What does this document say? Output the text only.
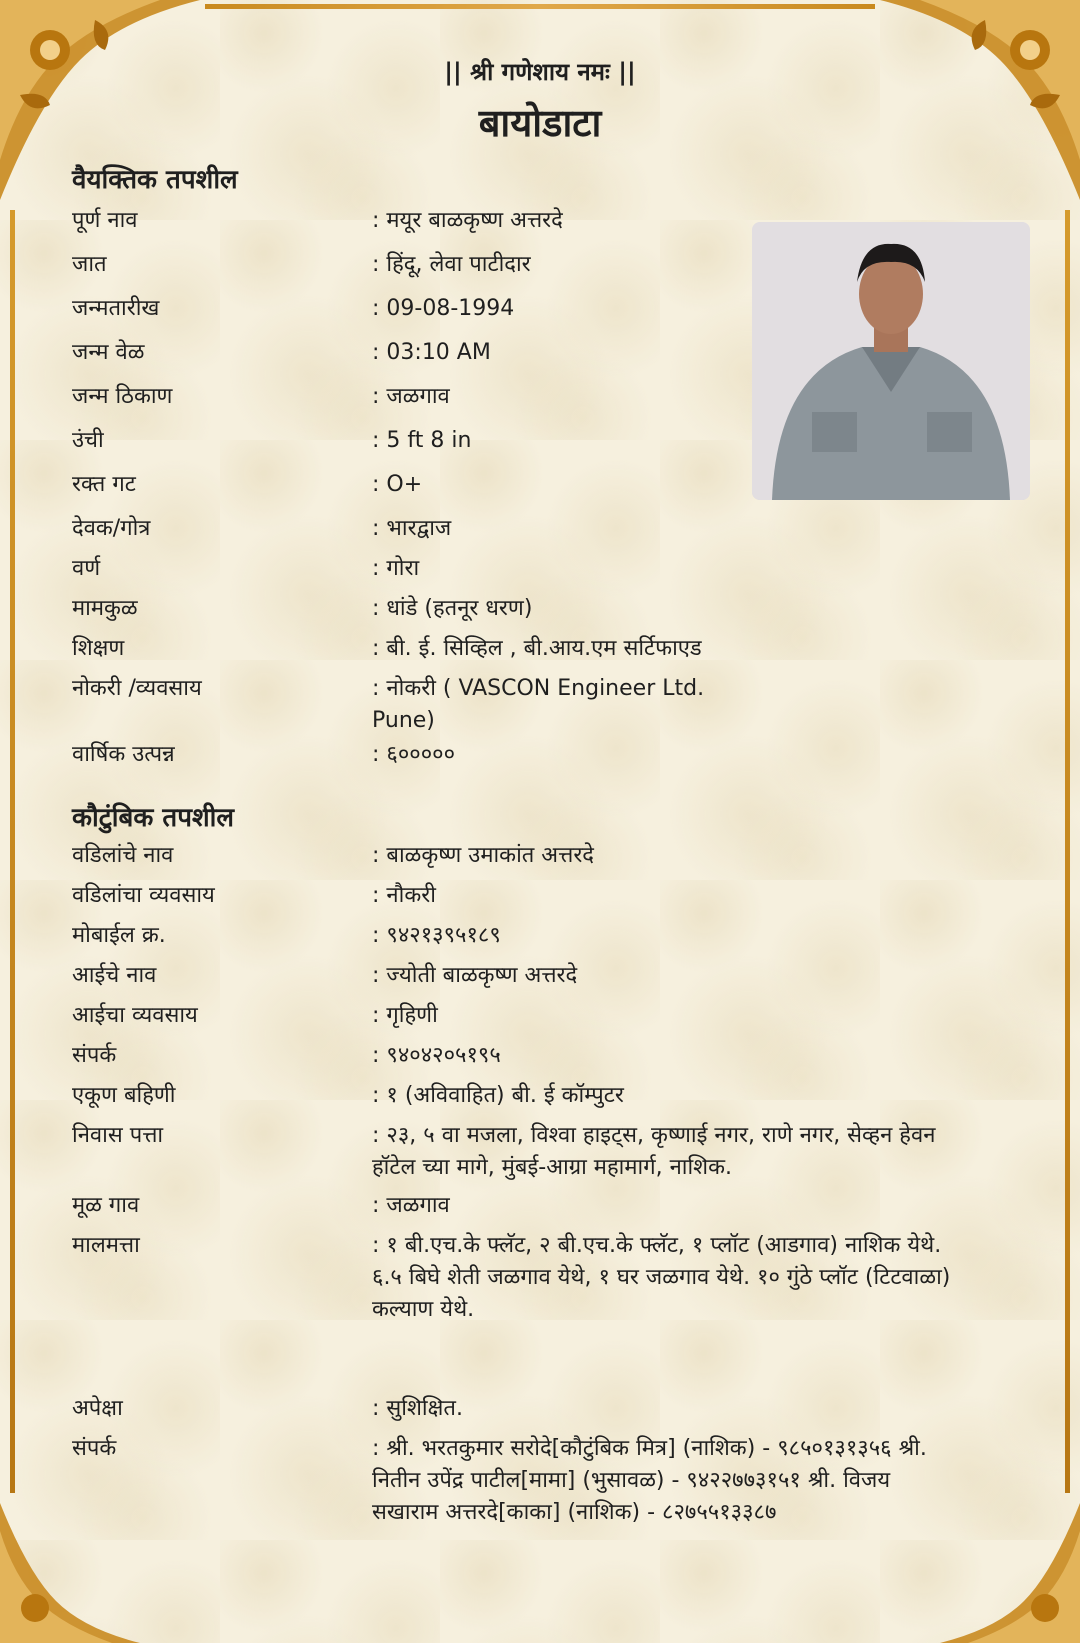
|| श्री गणेशाय नमः ||

बायोडाटा

वैयक्तिक तपशील
पूर्ण नाव	: मयूर बाळकृष्ण अत्तरदे
जात	: हिंदू, लेवा पाटीदार
जन्मतारीख	: 09-08-1994
जन्म वेळ	: 03:10 AM
जन्म ठिकाण	: जळगाव
उंची	: 5 ft 8 in
रक्त गट	: O+
देवक/गोत्र	: भारद्वाज
वर्ण	: गोरा
मामकुळ	: धांडे (हतनूर धरण)
शिक्षण	: बी. ई. सिव्हिल , बी.आय.एम सर्टिफाएड
नोकरी /व्यवसाय	: नोकरी ( VASCON Engineer Ltd. Pune)
वार्षिक उत्पन्न	: ६०००००
कौटुंबिक तपशील
वडिलांचे नाव	: बाळकृष्ण उमाकांत अत्तरदे
वडिलांचा व्यवसाय	: नौकरी
मोबाईल क्र.	: ९४२१३९५१८९
आईचे नाव	: ज्योती बाळकृष्ण अत्तरदे
आईचा व्यवसाय	: गृहिणी
संपर्क	: ९४०४२०५१९५
एकूण बहिणी	: १ (अविवाहित) बी. ई कॉम्पुटर
निवास पत्ता	: २३, ५ वा मजला, विश्वा हाइट्स, कृष्णाई नगर, राणे नगर, सेव्हन हेवन हॉटेल च्या मागे, मुंबई-आग्रा महामार्ग, नाशिक.
मूळ गाव	: जळगाव
मालमत्ता	: १ बी.एच.के फ्लॅट, २ बी.एच.के फ्लॅट, १ प्लॉट (आडगाव) नाशिक येथे. ६.५ बिघे शेती जळगाव येथे, १ घर जळगाव येथे. १० गुंठे प्लॉट (टिटवाळा) कल्याण येथे.
अपेक्षा	: सुशिक्षित.
संपर्क	: श्री. भरतकुमार सरोदे[कौटुंबिक मित्र] (नाशिक) - ९८५०१३१३५६ श्री. नितीन उपेंद्र पाटील[मामा] (भुसावळ) - ९४२२७७३१५१ श्री. विजय सखाराम अत्तरदे[काका] (नाशिक) - ८२७५५१३३८७
